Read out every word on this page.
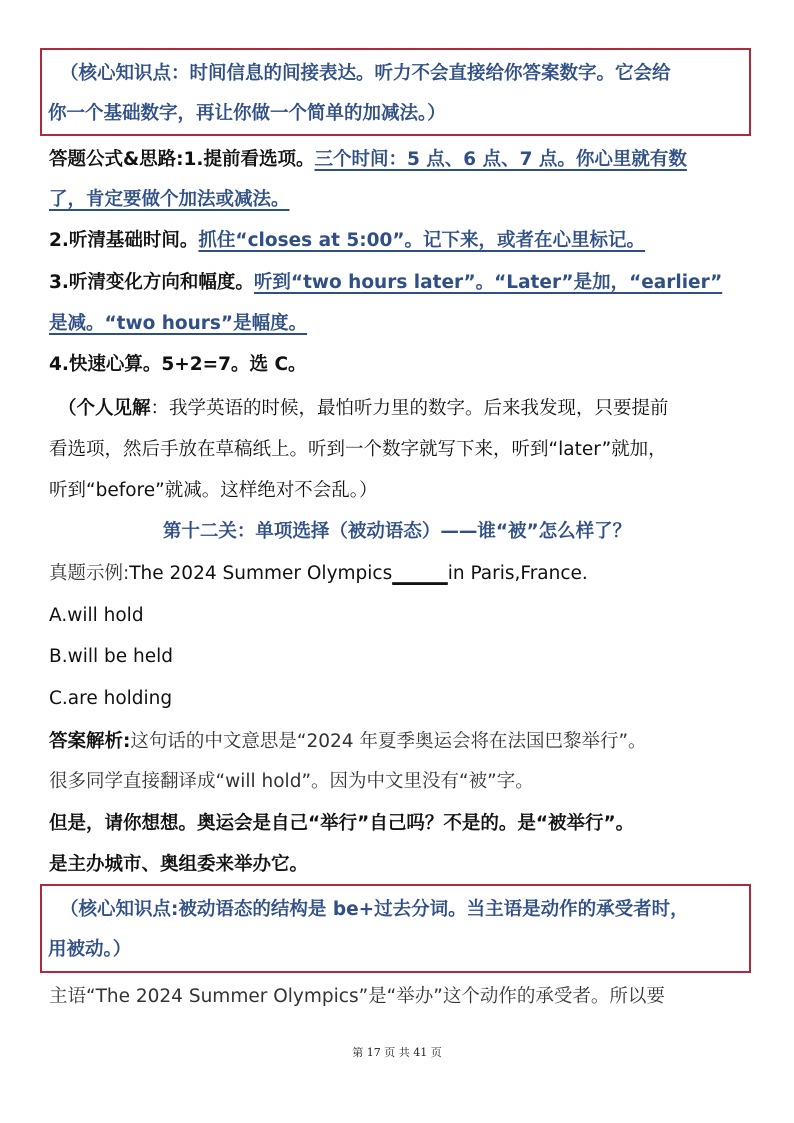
（核心知识点：时间信息的间接表达。听力不会直接给你答案数字。它会给
你一个基础数字，再让你做一个简单的加减法。）
答题公式&思路:1.提前看选项。三个时间：5 点、6 点、7 点。你心里就有数
了，肯定要做个加法或减法。
2.听清基础时间。抓住“closes at 5:00”。记下来，或者在心里标记。
3.听清变化方向和幅度。听到“two hours later”。“Later”是加，“earlier”
是减。“two hours”是幅度。
4.快速心算。5+2=7。选 C。
（个人见解：我学英语的时候，最怕听力里的数字。后来我发现，只要提前
看选项，然后手放在草稿纸上。听到一个数字就写下来，听到“later”就加，
听到“before”就减。这样绝对不会乱。）
第十二关：单项选择（被动语态）——谁“被”怎么样了？
真题示例:The 2024 Summer Olympics______in Paris,France.
A.will hold
B.will be held
C.are holding
答案解析:这句话的中文意思是“2024 年夏季奥运会将在法国巴黎举行”。
很多同学直接翻译成“will hold”。因为中文里没有“被”字。
但是，请你想想。奥运会是自己“举行”自己吗？不是的。是“被举行”。
是主办城市、奥组委来举办它。
（核心知识点:被动语态的结构是 be+过去分词。当主语是动作的承受者时，
用被动。）
主语“The 2024 Summer Olympics”是“举办”这个动作的承受者。所以要
第 17 页 共 41 页
